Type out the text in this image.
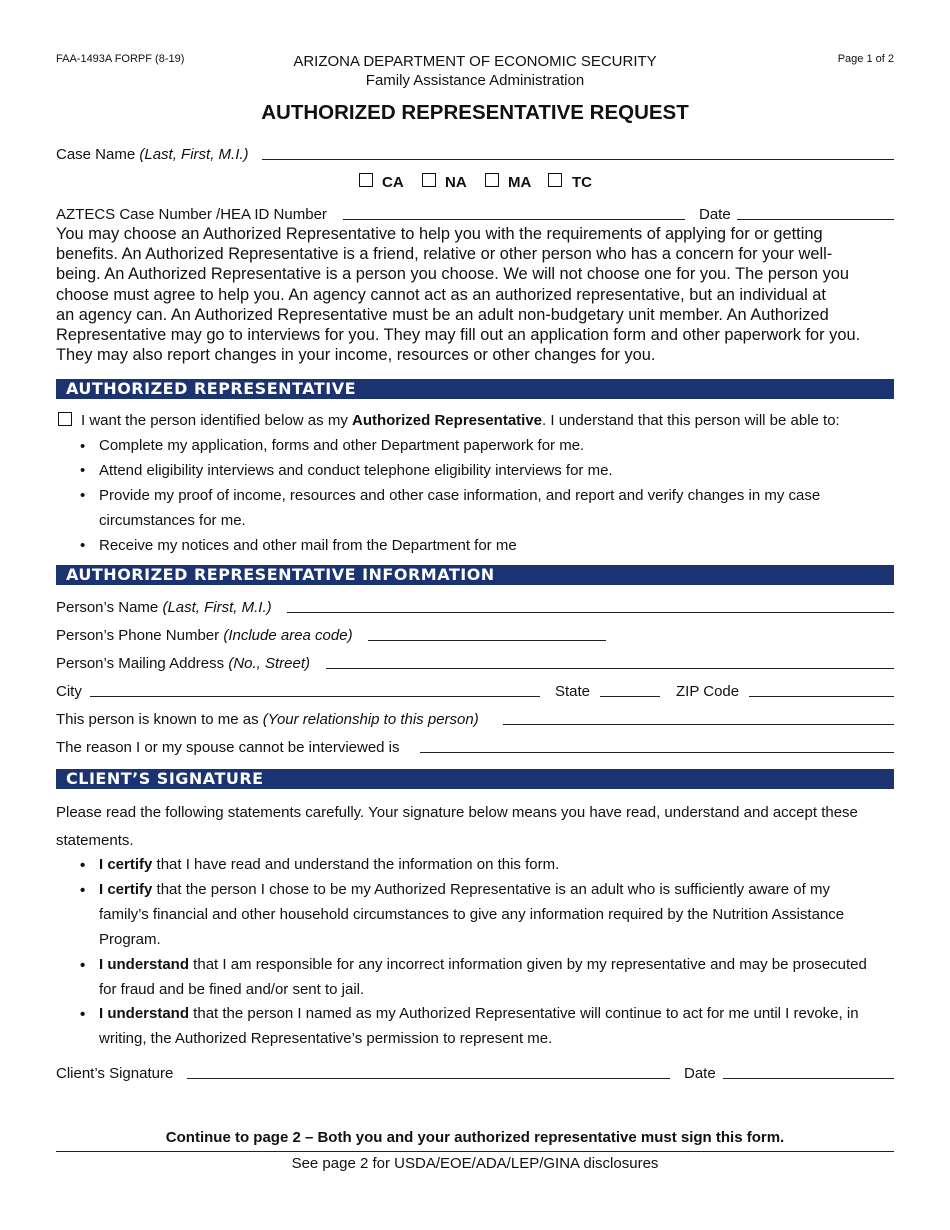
FAA-1493A FORPF (8-19)	ARIZONA DEPARTMENT OF ECONOMIC SECURITY
Family Assistance Administration
Page 1 of 2
AUTHORIZED REPRESENTATIVE REQUEST
Case Name (Last, First, M.I.)
CA	NA	MA	TC
AZTECS Case Number /HEA ID Number	Date
You may choose an Authorized Representative to help you with the requirements of applying for or getting
benefits. An Authorized Representative is a friend, relative or other person who has a concern for your well-
being. An Authorized Representative is a person you choose. We will not choose one for you. The person you
choose must agree to help you. An agency cannot act as an authorized representative, but an individual at
an agency can. An Authorized Representative must be an adult non-budgetary unit member. An Authorized
Representative may go to interviews for you. They may fill out an application form and other paperwork for you.
They may also report changes in your income, resources or other changes for you.
AUTHORIZED REPRESENTATIVE
I want the person identified below as my Authorized Representative. I understand that this person will be able to:
• Complete my application, forms and other Department paperwork for me.
• Attend eligibility interviews and conduct telephone eligibility interviews for me.
• Provide my proof of income, resources and other case information, and report and verify changes in my case
circumstances for me.
• Receive my notices and other mail from the Department for me
AUTHORIZED REPRESENTATIVE INFORMATION
Person’s Name (Last, First, M.I.)
Person’s Phone Number (Include area code)
Person’s Mailing Address (No., Street)
City	State	ZIP Code
This person is known to me as (Your relationship to this person)
The reason I or my spouse cannot be interviewed is
CLIENT’S SIGNATURE
Please read the following statements carefully. Your signature below means you have read, understand and accept these
statements.
• I certify that I have read and understand the information on this form.
• I certify that the person I chose to be my Authorized Representative is an adult who is sufficiently aware of my
family’s financial and other household circumstances to give any information required by the Nutrition Assistance
Program.
• I understand that I am responsible for any incorrect information given by my representative and may be prosecuted
for fraud and be fined and/or sent to jail.
• I understand that the person I named as my Authorized Representative will continue to act for me until I revoke, in
writing, the Authorized Representative’s permission to represent me.
Client’s Signature	Date
Continue to page 2 – Both you and your authorized representative must sign this form.
See page 2 for USDA/EOE/ADA/LEP/GINA disclosures
